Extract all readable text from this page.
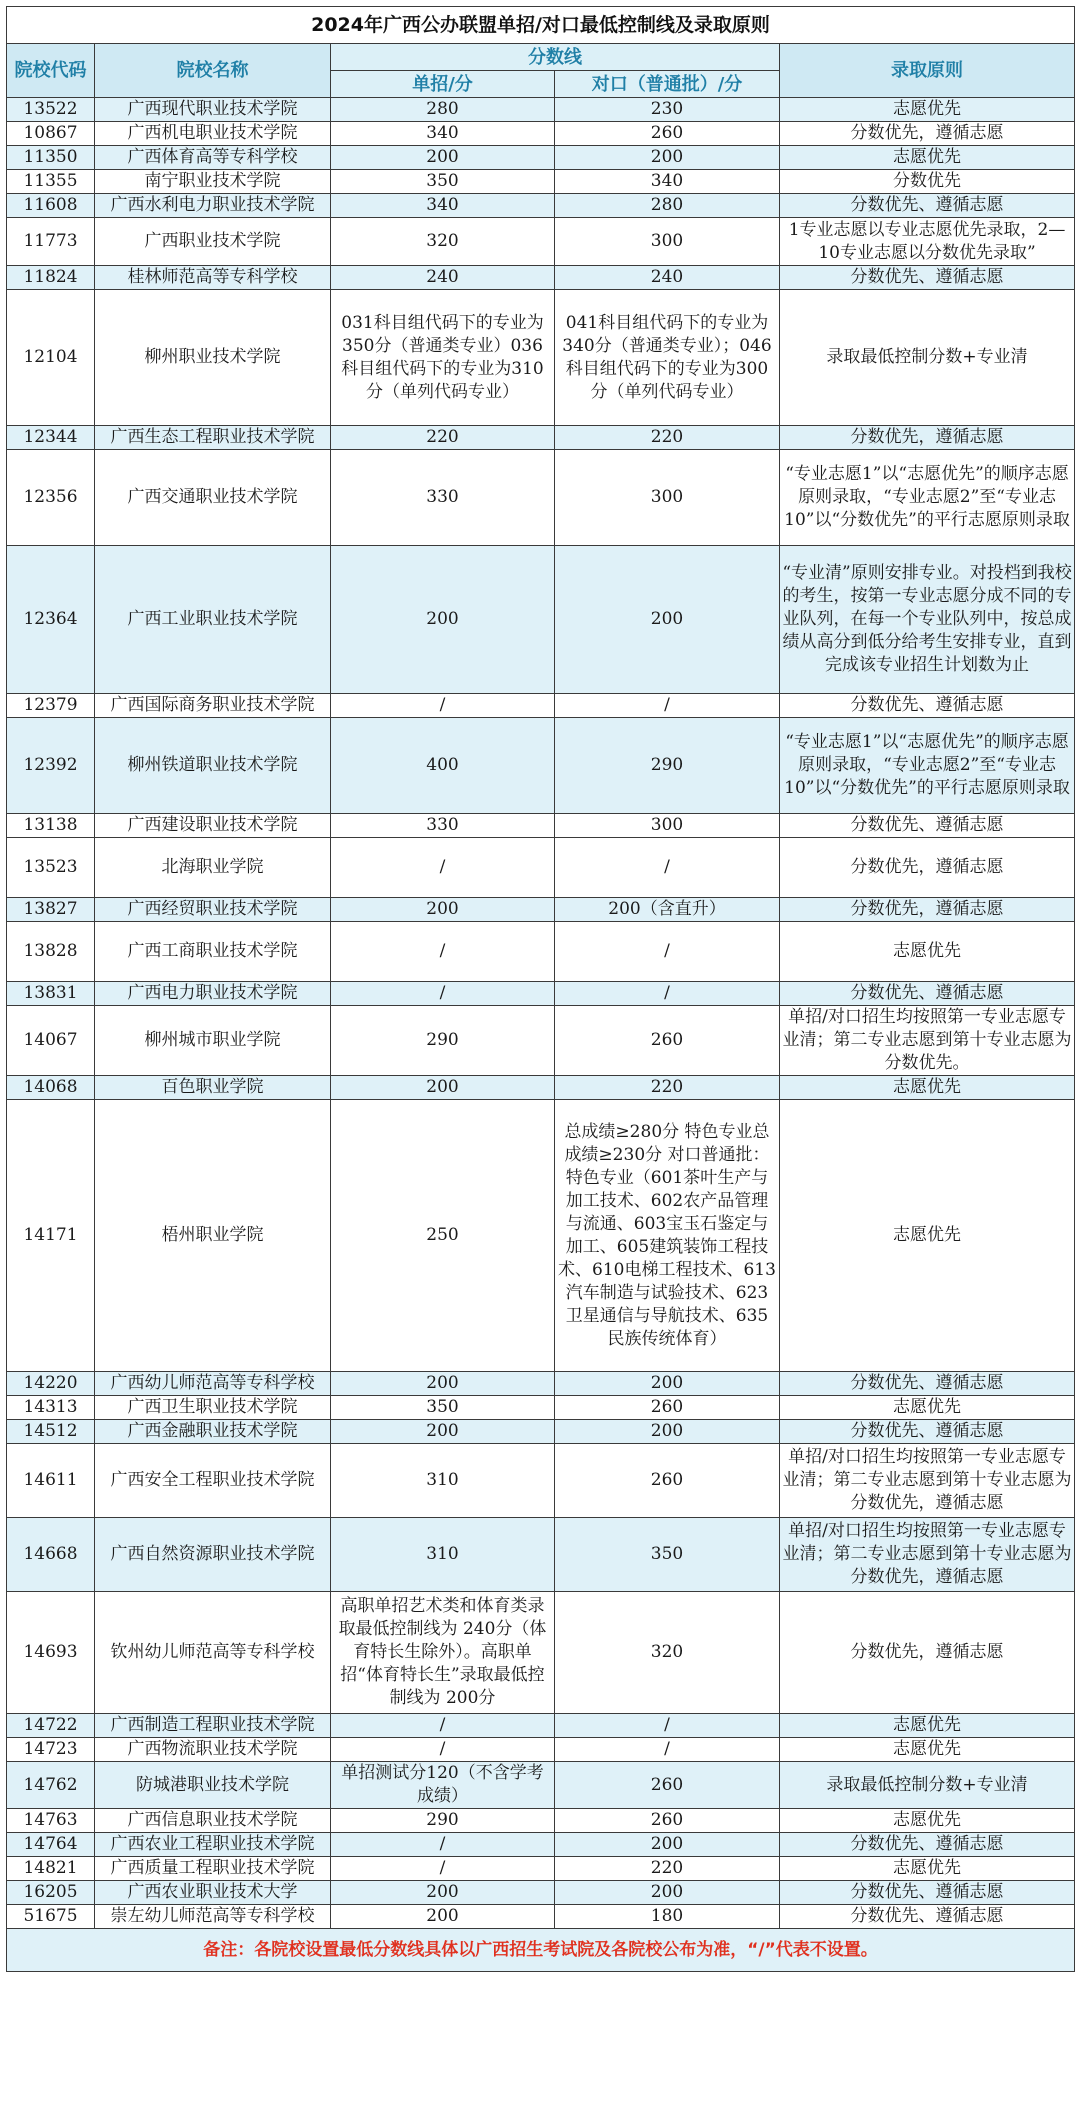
2024年广西公办联盟单招/对口最低控制线及录取原则				
院校代码	院校名称	分数线		录取原则
		单招/分	对口（普通批）/分	
13522	广西现代职业技术学院	280	230	志愿优先
10867	广西机电职业技术学院	340	260	分数优先，遵循志愿
11350	广西体育高等专科学校	200	200	志愿优先
11355	南宁职业技术学院	350	340	分数优先
11608	广西水利电力职业技术学院	340	280	分数优先、遵循志愿
11773	广西职业技术学院	320	300	1专业志愿以专业志愿优先录取，2—10专业志愿以分数优先录取”
11824	桂林师范高等专科学校	240	240	分数优先、遵循志愿
12104	柳州职业技术学院	031科目组代码下的专业为350分（普通类专业）036科目组代码下的专业为310分（单列代码专业）	041科目组代码下的专业为340分（普通类专业）；046科目组代码下的专业为300分（单列代码专业）	录取最低控制分数+专业清
12344	广西生态工程职业技术学院	220	220	分数优先，遵循志愿
12356	广西交通职业技术学院	330	300	“专业志愿1”以“志愿优先”的顺序志愿原则录取，“专业志愿2”至“专业志10”以“分数优先”的平行志愿原则录取
12364	广西工业职业技术学院	200	200	“专业清”原则安排专业。对投档到我校的考生，按第一专业志愿分成不同的专业队列，在每一个专业队列中，按总成绩从高分到低分给考生安排专业，直到完成该专业招生计划数为止
12379	广西国际商务职业技术学院	/	/	分数优先、遵循志愿
12392	柳州铁道职业技术学院	400	290	“专业志愿1”以“志愿优先”的顺序志愿原则录取，“专业志愿2”至“专业志10”以“分数优先”的平行志愿原则录取
13138	广西建设职业技术学院	330	300	分数优先、遵循志愿
13523	北海职业学院	/	/	分数优先，遵循志愿
13827	广西经贸职业技术学院	200	200（含直升）	分数优先，遵循志愿
13828	广西工商职业技术学院	/	/	志愿优先
13831	广西电力职业技术学院	/	/	分数优先、遵循志愿
14067	柳州城市职业学院	290	260	单招/对口招生均按照第一专业志愿专业清；第二专业志愿到第十专业志愿为分数优先。
14068	百色职业学院	200	220	志愿优先
14171	梧州职业学院	250	总成绩≥280分 特色专业总成绩≥230分 对口普通批：特色专业（601茶叶生产与加工技术、602农产品管理与流通、603宝玉石鉴定与加工、605建筑装饰工程技术、610电梯工程技术、613汽车制造与试验技术、623卫星通信与导航技术、635民族传统体育）	志愿优先
14220	广西幼儿师范高等专科学校	200	200	分数优先、遵循志愿
14313	广西卫生职业技术学院	350	260	志愿优先
14512	广西金融职业技术学院	200	200	分数优先、遵循志愿
14611	广西安全工程职业技术学院	310	260	单招/对口招生均按照第一专业志愿专业清；第二专业志愿到第十专业志愿为分数优先，遵循志愿
14668	广西自然资源职业技术学院	310	350	单招/对口招生均按照第一专业志愿专业清；第二专业志愿到第十专业志愿为分数优先，遵循志愿
14693	钦州幼儿师范高等专科学校	高职单招艺术类和体育类录取最低控制线为 240分（体育特长生除外）。高职单招“体育特长生”录取最低控制线为 200分	320	分数优先，遵循志愿
14722	广西制造工程职业技术学院	/	/	志愿优先
14723	广西物流职业技术学院	/	/	志愿优先
14762	防城港职业技术学院	单招测试分120（不含学考成绩）	260	录取最低控制分数+专业清
14763	广西信息职业技术学院	290	260	志愿优先
14764	广西农业工程职业技术学院	/	200	分数优先、遵循志愿
14821	广西质量工程职业技术学院	/	220	志愿优先
16205	广西农业职业技术大学	200	200	分数优先、遵循志愿
51675	崇左幼儿师范高等专科学校	200	180	分数优先、遵循志愿
备注：各院校设置最低分数线具体以广西招生考试院及各院校公布为准，“/”代表不设置。				
